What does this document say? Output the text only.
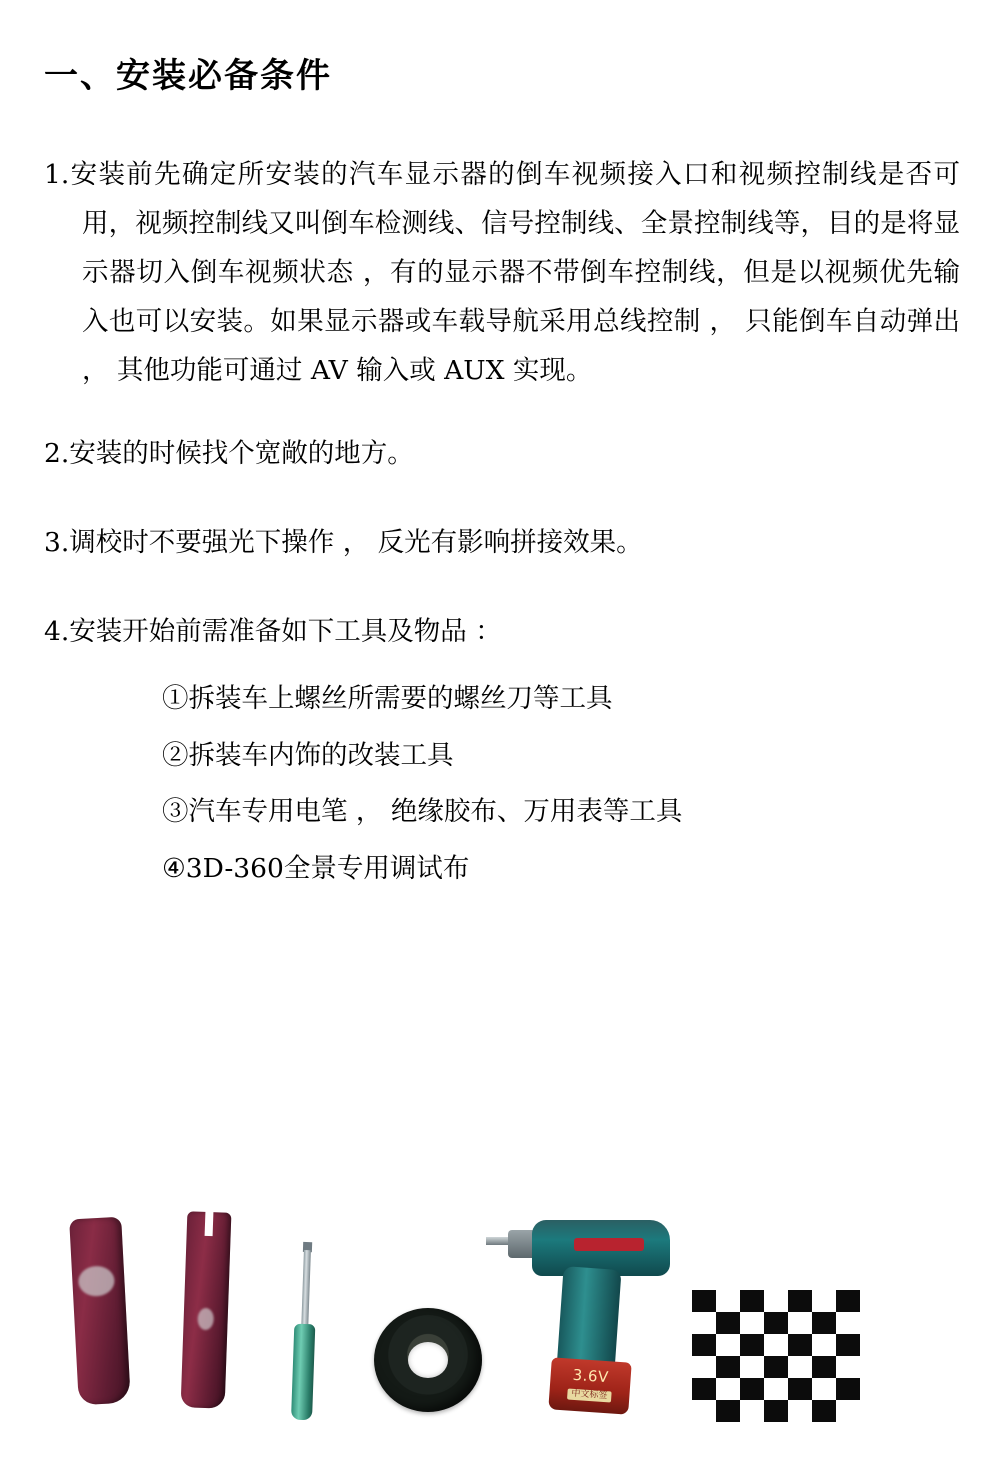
一、安装必备条件
1.安装前先确定所安装的汽车显示器的倒车视频接入口和视频控制线是否可用，视频控制线又叫倒车检测线、信号控制线、全景控制线等，目的是将显示器切入倒车视频状态 ，有的显示器不带倒车控制线，但是以视频优先输入也可以安装。如果显示器或车载导航采用总线控制 ， 只能倒车自动弹出 ， 其他功能可通过 AV 输入或 AUX 实现。
2.安装的时候找个宽敞的地方。
3.调校时不要强光下操作 ， 反光有影响拼接效果。
4.安装开始前需准备如下工具及物品 ：
①拆装车上螺丝所需要的螺丝刀等工具
②拆装车内饰的改装工具
③汽车专用电笔 ， 绝缘胶布、万用表等工具
④3D-360全景专用调试布
3.6V
中文标签
